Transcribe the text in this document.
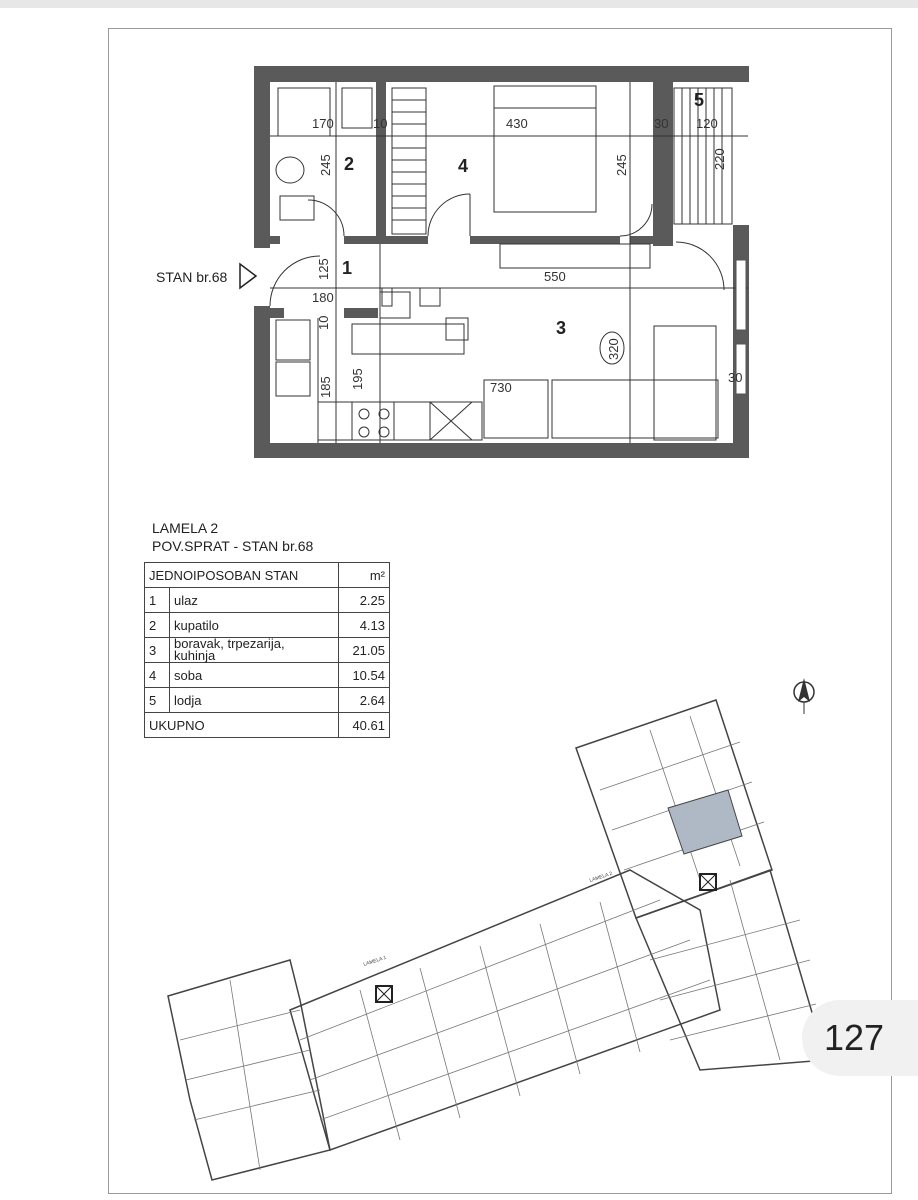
STAN br.68	1
2
3
4
5
170	10	430	30 120
550
730
245	245	220
125
180
10
320
185 195	30
LAMELA 2
POV.SPRAT - STAN br.68
JEDNOIPOSOBAN STAN		m²
1	ulaz	2.25
2	kupatilo	4.13
3	boravak, trpezarija,
kuhinja	21.05
4	soba	10.54
5	lodja	2.64
UKUPNO		40.61
LAMELA 2
LAMELA 1
127
